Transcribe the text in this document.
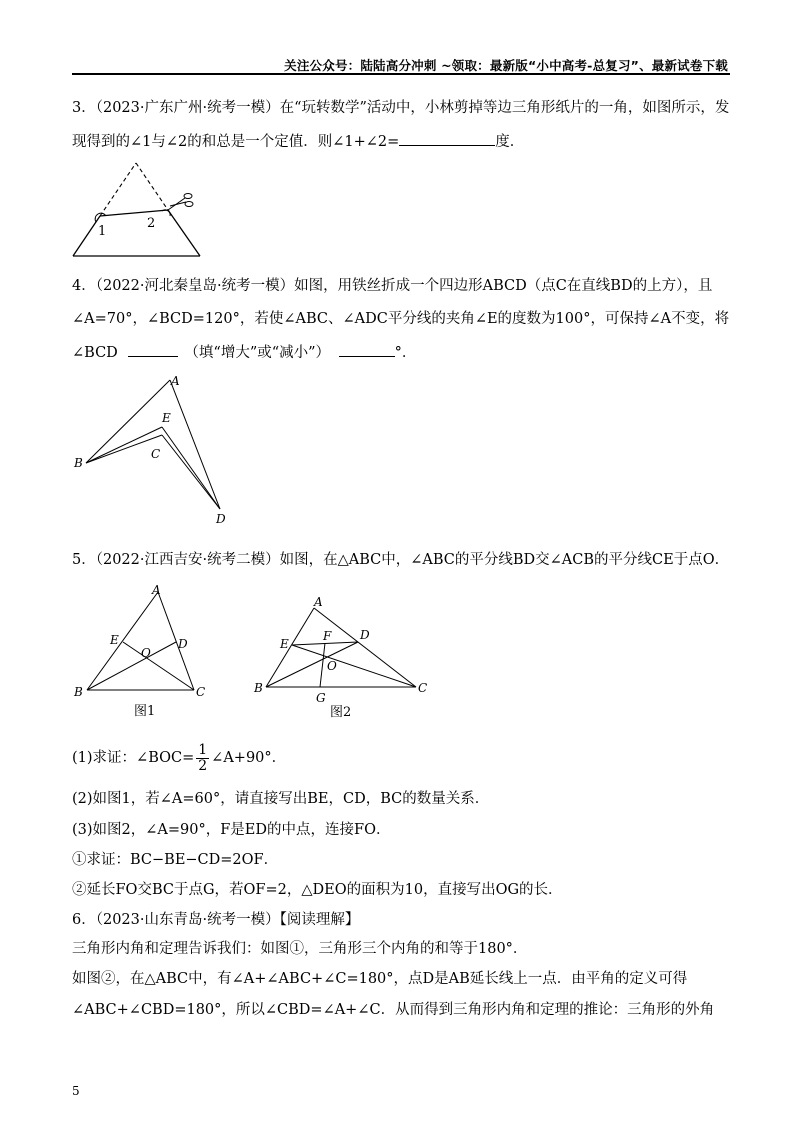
关注公众号：陆陆高分冲刺 ~领取：最新版“小中高考-总复习”、最新试卷下载
3．（2023·广东广州·统考一模）在“玩转数学”活动中，小林剪掉等边三角形纸片的一角，如图所示，发
现得到的∠1与∠2的和总是一个定值．则∠1+∠2=	度．
1
2
4．（2022·河北秦皇岛·统考一模）如图，用铁丝折成一个四边形ABCD（点C在直线BD的上方），且
∠A=70°，∠BCD=120°，若使∠ABC、∠ADC平分线的夹角∠E的度数为100°，可保持∠A不变，将
∠BCD	（填“增大”或“减小”）	°．
A
E
C
B
D
5．（2022·江西吉安·统考二模）如图，在△ABC中，∠ABC的平分线BD交∠ACB的平分线CE于点O．
A
E	D
O
B	C
图1
A
F D
E
O
B	C
G
图2
(1)求证：∠BOC= $\frac{1}{2}$ ∠A+90°．
(2)如图1，若∠A=60°，请直接写出BE，CD，BC的数量关系．
(3)如图2，∠A=90°，F是ED的中点，连接FO．
①求证：BC−BE−CD=2OF．
②延长FO交BC于点G，若OF=2，△DEO的面积为10，直接写出OG的长．
6．（2023·山东青岛·统考一模）【阅读理解】
三角形内角和定理告诉我们：如图①，三角形三个内角的和等于180°．
如图②，在△ABC中，有∠A+∠ABC+∠C=180°，点D是AB延长线上一点．由平角的定义可得
∠ABC+∠CBD=180°，所以∠CBD=∠A+∠C．从而得到三角形内角和定理的推论：三角形的外角
5
